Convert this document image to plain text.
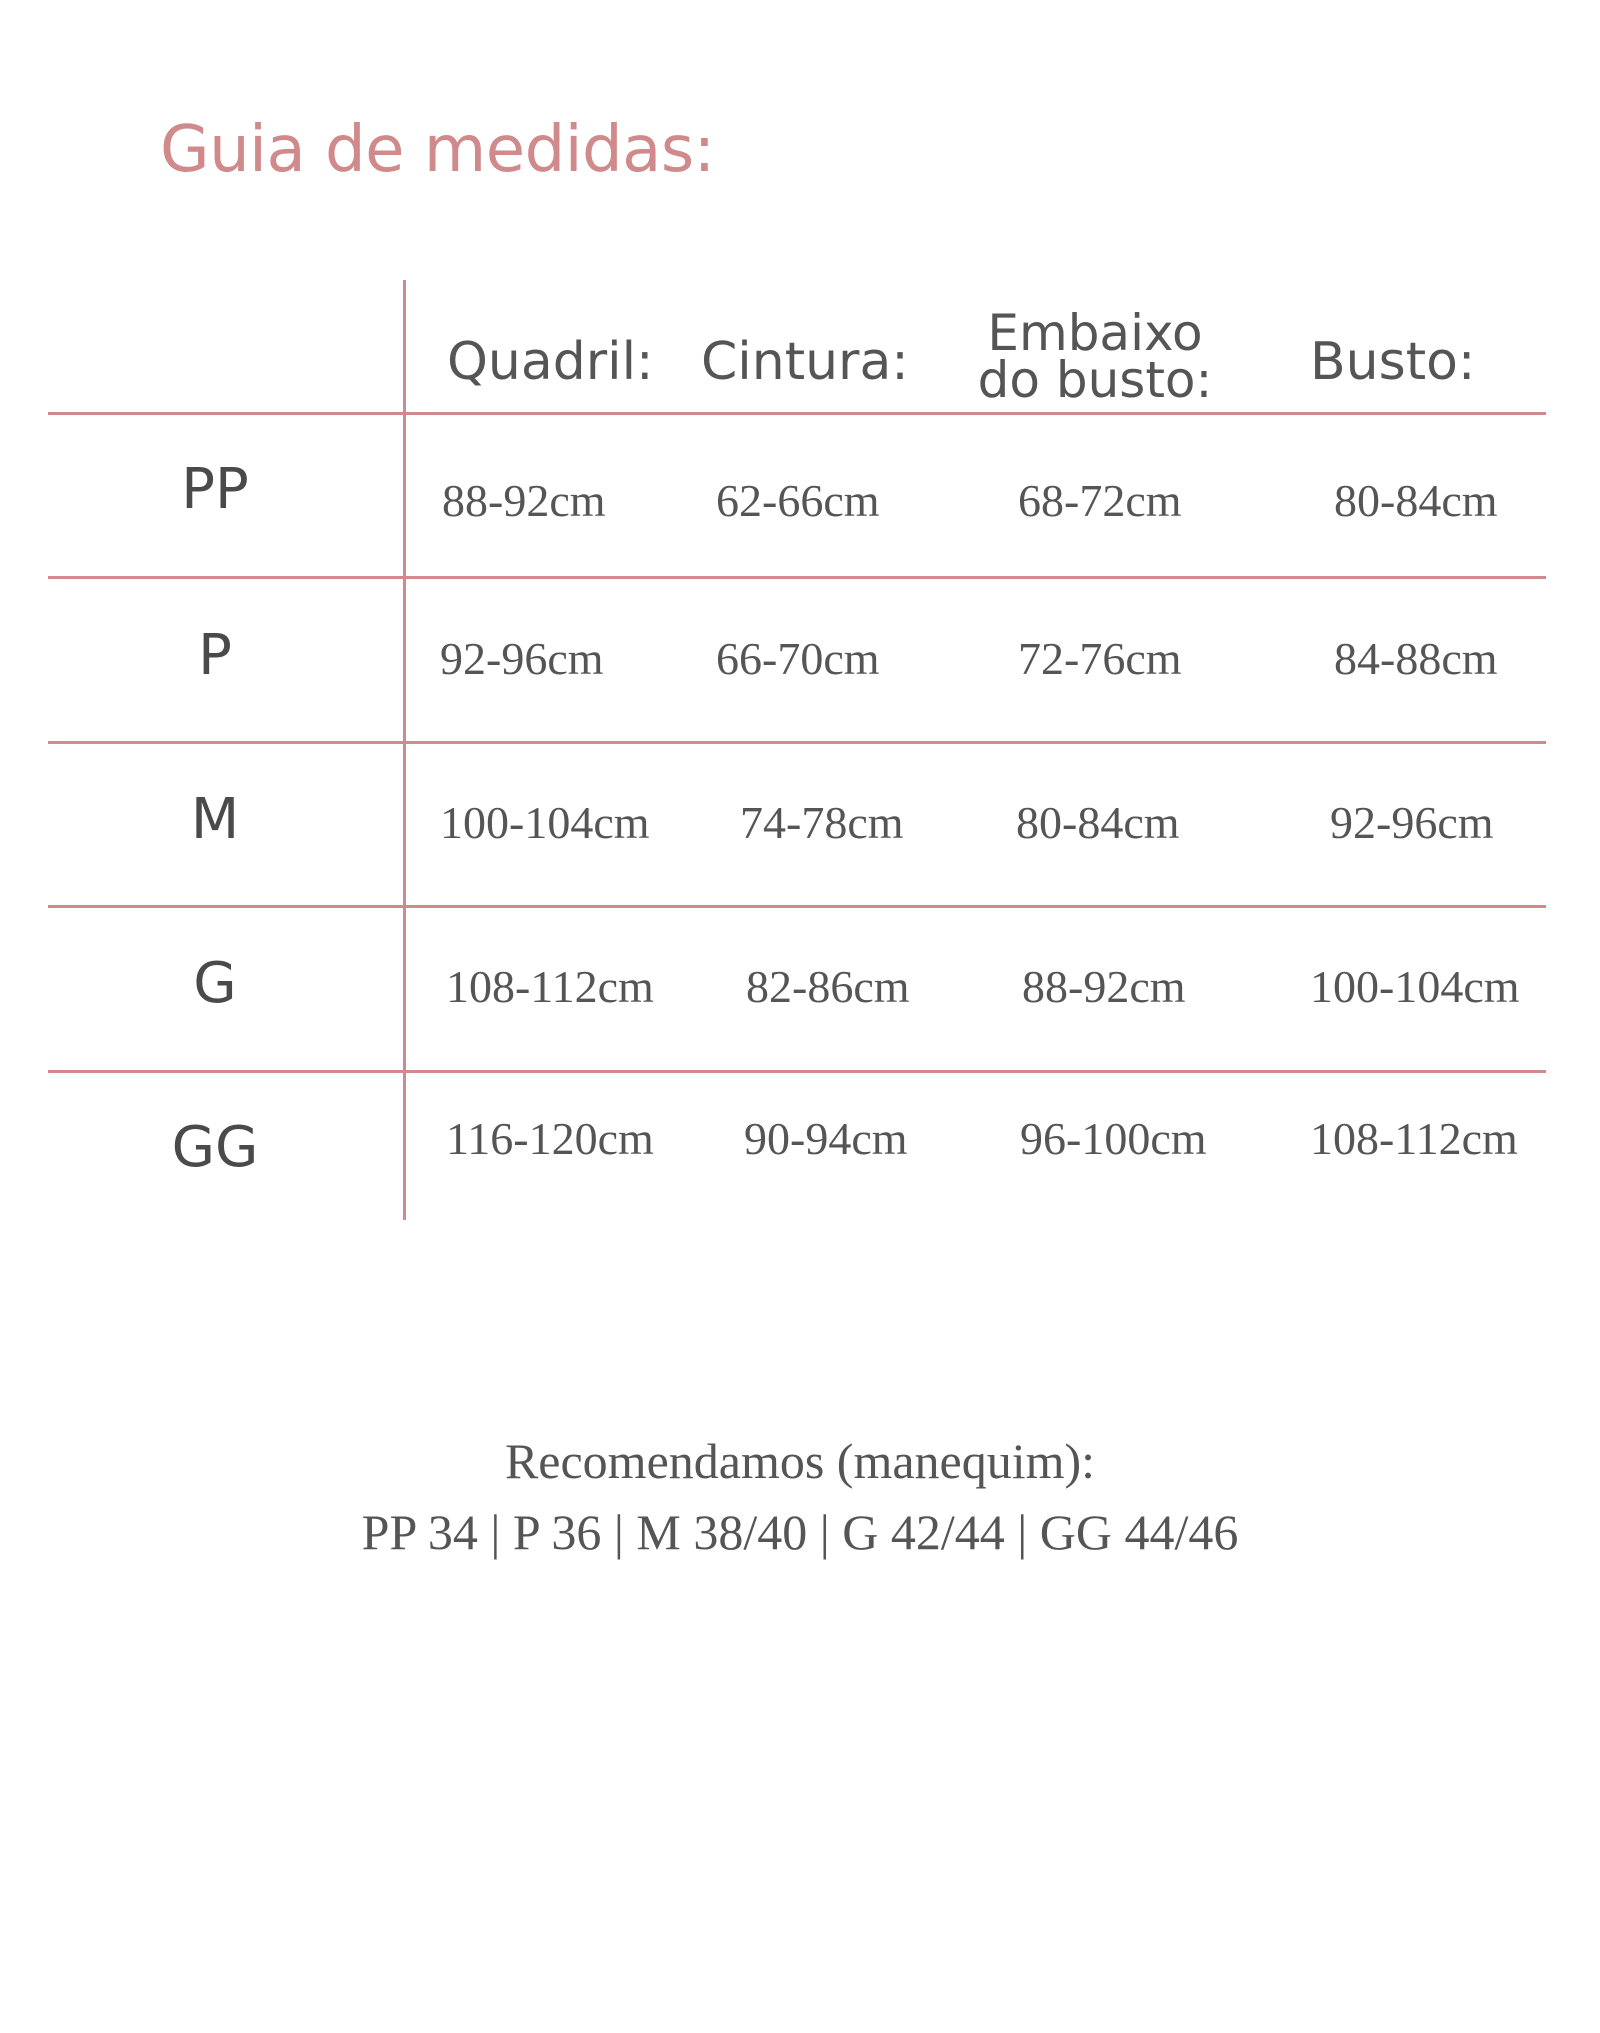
Guia de medidas:
Quadril: Cintura:	Embaixo
do busto: Busto:
PP	88-92cm 62-66cm	68-72cm	80-84cm
P	92-96cm 66-70cm	72-76cm	84-88cm
M	100-104cm 74-78cm 80-84cm	92-96cm
G	108-112cm 82-86cm 88-92cm	100-104cm
GG	116-120cm 90-94cm 96-100cm 108-112cm
Recomendamos (manequim):
PP 34 | P 36 | M 38/40 | G 42/44 | GG 44/46
